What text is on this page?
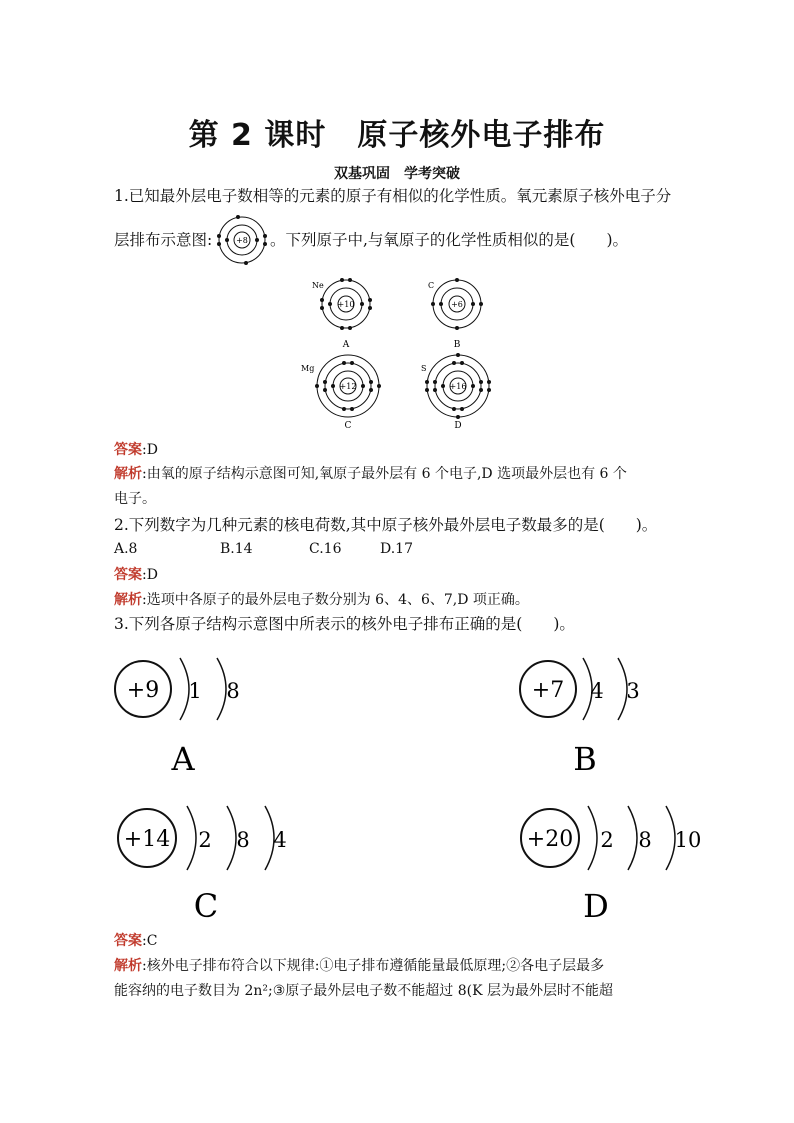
第 2 课时　原子核外电子排布
双基巩固　学考突破
1.已知最外层电子数相等的元素的原子有相似的化学性质。氧元素原子核外电子分
层排布示意图:	+8 。下列原子中,与氧原子的化学性质相似的是(　　)。
Ne
+10
A
C
+6
B
Mg
+12
C
S
+16
D
答案:D
解析:由氧的原子结构示意图可知,氧原子最外层有 6 个电子,D 选项最外层也有 6 个
电子。
2.下列数字为几种元素的核电荷数,其中原子核外最外层电子数最多的是(　　)。
A.8	B.14	C.16	D.17
答案:D
解析:选项中各原子的最外层电子数分别为 6、4、6、7,D 项正确。
3.下列各原子结构示意图中所表示的核外电子排布正确的是(　　)。
+9 1 8
A
+7 4 3
B
+14 2 8 4
C
+20 2 8 10
D
答案:C
解析:核外电子排布符合以下规律:①电子排布遵循能量最低原理;②各电子层最多
能容纳的电子数目为 2n²;③原子最外层电子数不能超过 8(K 层为最外层时不能超
